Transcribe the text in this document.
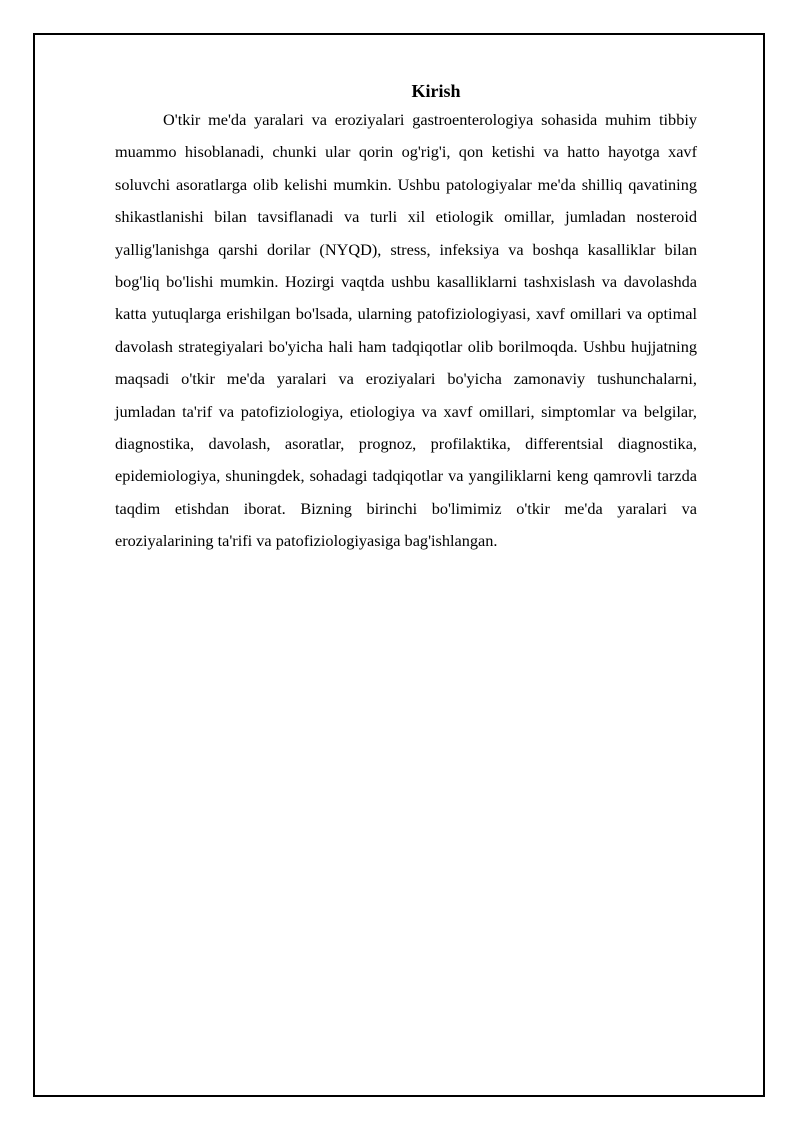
Kirish

O'tkir me'da yaralari va eroziyalari gastroenterologiya sohasida muhim tibbiy muammo hisoblanadi, chunki ular qorin og'rig'i, qon ketishi va hatto hayotga xavf soluvchi asoratlarga olib kelishi mumkin. Ushbu patologiyalar me'da shilliq qavatining shikastlanishi bilan tavsiflanadi va turli xil etiologik omillar, jumladan nosteroid yallig'lanishga qarshi dorilar (NYQD), stress, infeksiya va boshqa kasalliklar bilan bog'liq bo'lishi mumkin. Hozirgi vaqtda ushbu kasalliklarni tashxislash va davolashda katta yutuqlarga erishilgan bo'lsada, ularning patofiziologiyasi, xavf omillari va optimal davolash strategiyalari bo'yicha hali ham tadqiqotlar olib borilmoqda. Ushbu hujjatning maqsadi o'tkir me'da yaralari va eroziyalari bo'yicha zamonaviy tushunchalarni, jumladan ta'rif va patofiziologiya, etiologiya va xavf omillari, simptomlar va belgilar, diagnostika, davolash, asoratlar, prognoz, profilaktika, differentsial diagnostika, epidemiologiya, shuningdek, sohadagi tadqiqotlar va yangiliklarni keng qamrovli tarzda taqdim etishdan iborat. Bizning birinchi bo'limimiz o'tkir me'da yaralari va eroziyalarining ta'rifi va patofiziologiyasiga bag'ishlangan.
